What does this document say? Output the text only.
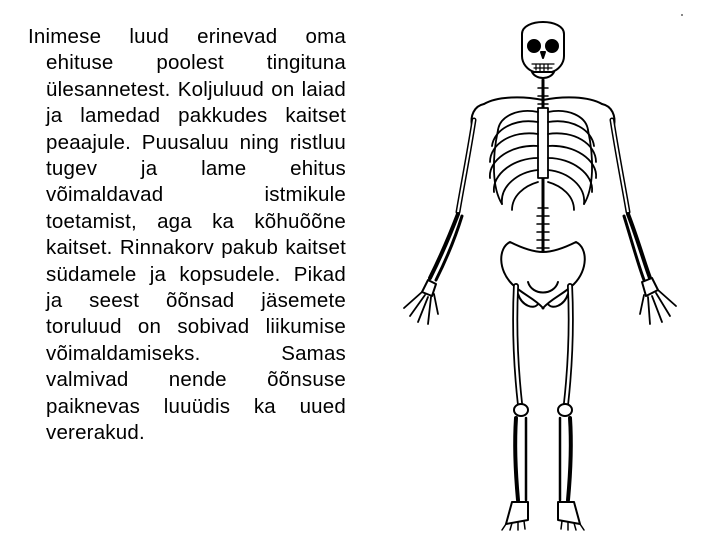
Inimese luud erinevad oma ehituse poolest tingituna ülesannetest. Koljuluud on laiad ja lamedad pakkudes kaitset peaajule. Puusaluu ning ristluu tugev ja lame ehitus võimaldavad istmikule toetamist, aga ka kõhuõõne kaitset. Rinnakorv pakub kaitset südamele ja kopsudele. Pikad ja seest õõnsad jäsemete toruluud on sobivad liikumise võimaldamiseks. Samas valmivad nende õõnsuse paiknevas luuüdis ka uued vererakud.
